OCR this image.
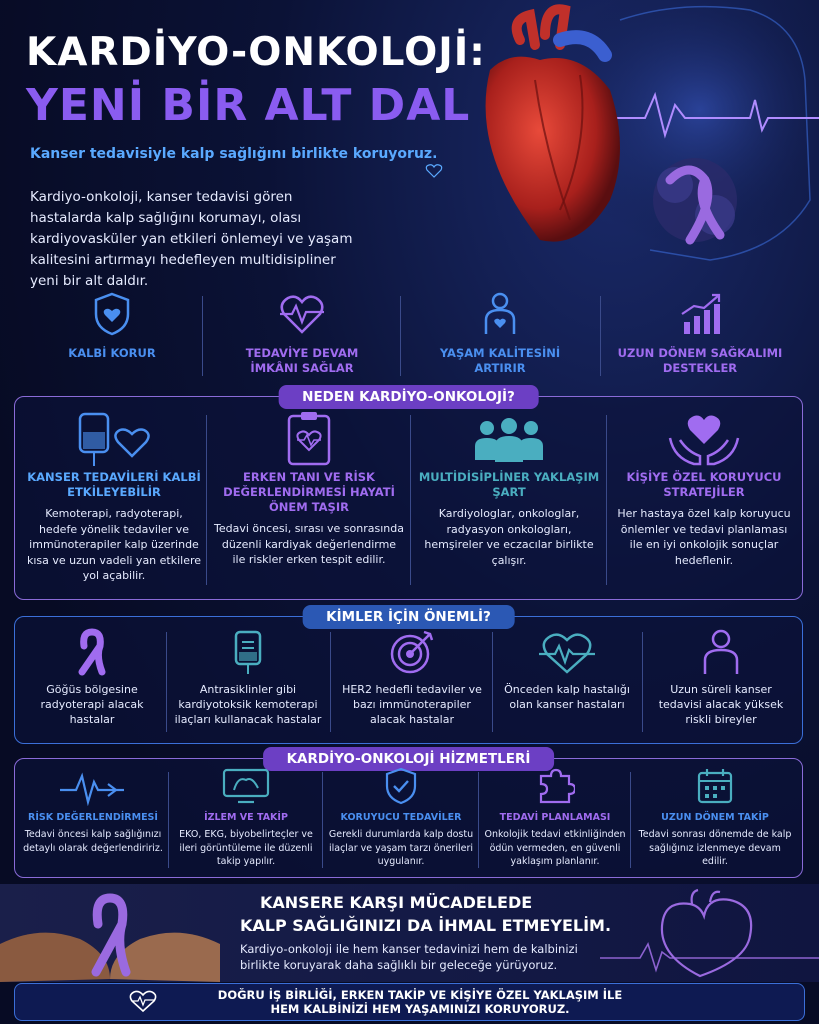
KARDİYO-ONKOLOJİ:
YENİ BİR ALT DAL
Kanser tedavisiyle kalp sağlığını birlikte koruyoruz.
Kardiyo-onkoloji, kanser tedavisi gören hastalarda kalp sağlığını korumayı, olası kardiyovasküler yan etkileri önlemeyi ve yaşam kalitesini artırmayı hedefleyen multidisipliner yeni bir alt daldır.
KALBİ KORUR	TEDAVİYE DEVAM İMKÂNI SAĞLAR
YAŞAM KALİTESİNİ ARTIRIR
UZUN DÖNEM SAĞKALIMI DESTEKLER
NEDEN KARDİYO-ONKOLOJİ?
KANSER TEDAVİLERİ KALBİ ETKİLEYEBİLİR
Kemoterapi, radyoterapi, hedefe yönelik tedaviler ve immünoterapiler kalp üzerinde kısa ve uzun vadeli yan etkilere yol açabilir.
ERKEN TANI VE RİSK DEĞERLENDİRMESİ HAYATİ ÖNEM TAŞIR
Tedavi öncesi, sırası ve sonrasında düzenli kardiyak değerlendirme ile riskler erken tespit edilir.
MULTİDİSİPLİNER YAKLAŞIM ŞART
Kardiyologlar, onkologlar, radyasyon onkologları, hemşireler ve eczacılar birlikte çalışır.
KİŞİYE ÖZEL KORUYUCU STRATEJİLER
Her hastaya özel kalp koruyucu önlemler ve tedavi planlaması ile en iyi onkolojik sonuçlar hedeflenir.
KİMLER İÇİN ÖNEMLİ?
Göğüs bölgesine radyoterapi alacak hastalar
Antrasiklinler gibi kardiyotoksik kemoterapi ilaçları kullanacak hastalar
HER2 hedefli tedaviler ve bazı immünoterapiler alacak hastalar
Önceden kalp hastalığı olan kanser hastaları
Uzun süreli kanser tedavisi alacak yüksek riskli bireyler
KARDİYO-ONKOLOJİ HİZMETLERİ
RİSK DEĞERLENDİRMESİ
Tedavi öncesi kalp sağlığınızı detaylı olarak değerlendiririz.
İZLEM VE TAKİP
EKO, EKG, biyobelirteçler ve ileri görüntüleme ile düzenli takip yapılır.
KORUYUCU TEDAVİLER
Gerekli durumlarda kalp dostu ilaçlar ve yaşam tarzı önerileri uygulanır.
TEDAVİ PLANLAMASI
Onkolojik tedavi etkinliğinden ödün vermeden, en güvenli yaklaşım planlanır.
UZUN DÖNEM TAKİP
Tedavi sonrası dönemde de kalp sağlığınız izlenmeye devam edilir.
KANSERE KARŞI MÜCADELEDE
KALP SAĞLIĞINIZI DA İHMAL ETMEYELİM.
Kardiyo-onkoloji ile hem kanser tedavinizi hem de kalbinizi birlikte koruyarak daha sağlıklı bir geleceğe yürüyoruz.
DOĞRU İŞ BİRLİĞİ, ERKEN TAKİP VE KİŞİYE ÖZEL YAKLAŞIM İLE
HEM KALBİNİZİ HEM YAŞAMINIZI KORUYORUZ.
